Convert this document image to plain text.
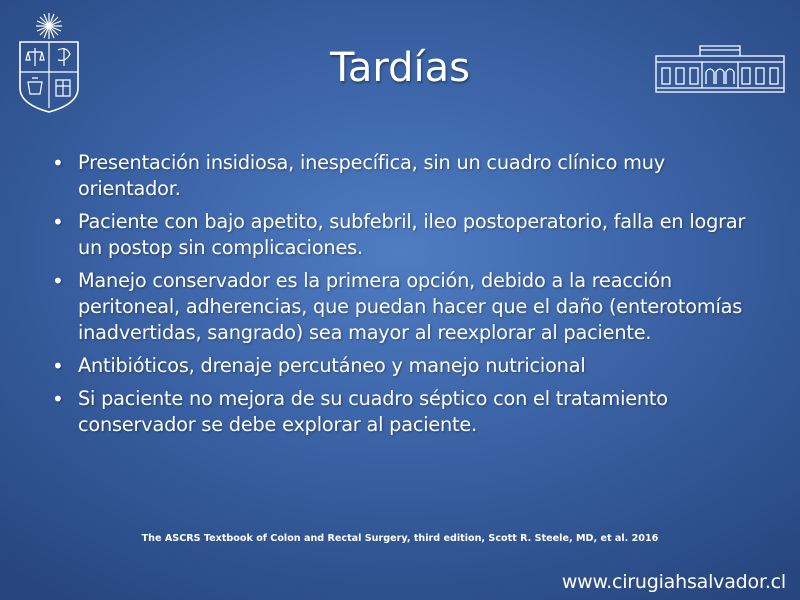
Tardías
• Presentación insidiosa, inespecífica, sin un cuadro clínico muy orientador.
• Paciente con bajo apetito, subfebril, ileo postoperatorio, falla en lograr un postop sin complicaciones.
• Manejo conservador es la primera opción, debido a la reacción peritoneal, adherencias, que puedan hacer que el daño (enterotomías inadvertidas, sangrado) sea mayor al reexplorar al paciente.
• Antibióticos, drenaje percutáneo y manejo nutricional
• Si paciente no mejora de su cuadro séptico con el tratamiento conservador se debe explorar al paciente.
The ASCRS Textbook of Colon and Rectal Surgery, third edition, Scott R. Steele, MD, et al. 2016
www.cirugiahsalvador.cl
